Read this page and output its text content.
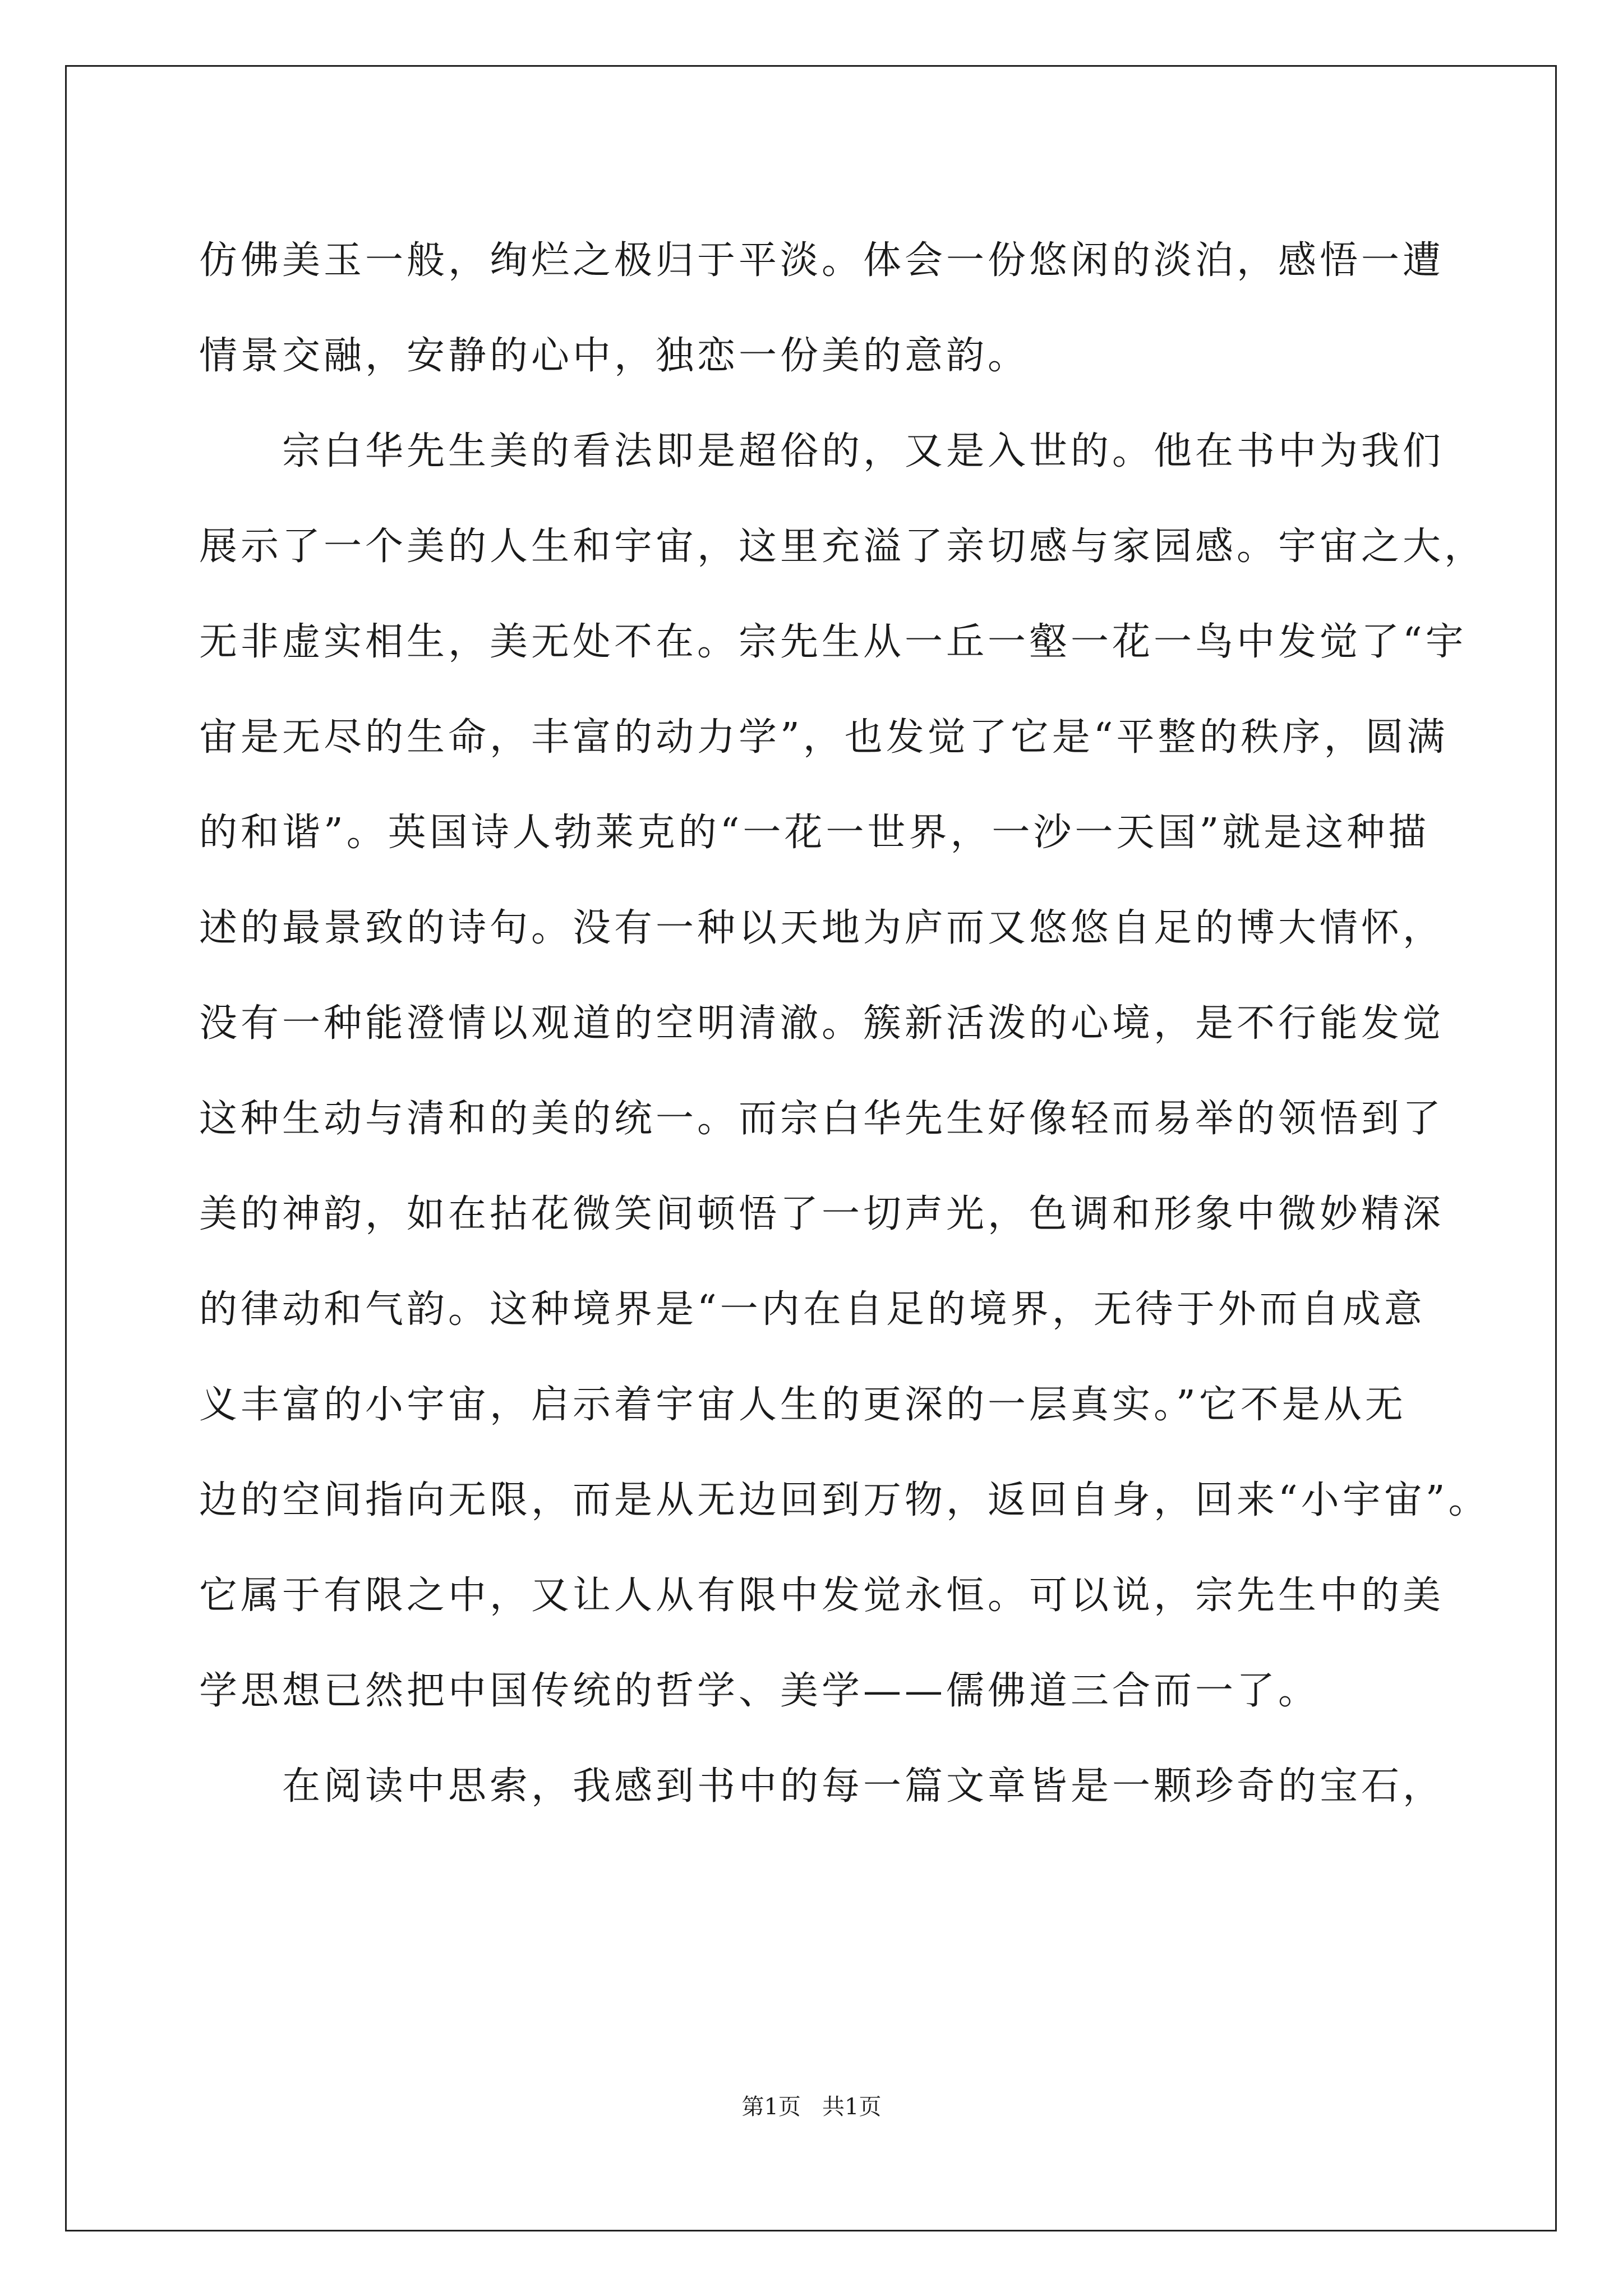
仿佛美玉一般，绚烂之极归于平淡。体会一份悠闲的淡泊，感悟一遭
情景交融，安静的心中，独恋一份美的意韵。
　　宗白华先生美的看法即是超俗的，又是入世的。他在书中为我们
展示了一个美的人生和宇宙，这里充溢了亲切感与家园感。宇宙之大，
无非虚实相生，美无处不在。宗先生从一丘一壑一花一鸟中发觉了“宇
宙是无尽的生命，丰富的动力学”，也发觉了它是“平整的秩序，圆满
的和谐”。英国诗人勃莱克的“一花一世界，一沙一天国”就是这种描
述的最景致的诗句。没有一种以天地为庐而又悠悠自足的博大情怀，
没有一种能澄情以观道的空明清澈。簇新活泼的心境，是不行能发觉
这种生动与清和的美的统一。而宗白华先生好像轻而易举的领悟到了
美的神韵，如在拈花微笑间顿悟了一切声光，色调和形象中微妙精深
的律动和气韵。这种境界是“一内在自足的境界，无待于外而自成意
义丰富的小宇宙，启示着宇宙人生的更深的一层真实。”它不是从无
边的空间指向无限，而是从无边回到万物，返回自身，回来“小宇宙”。
它属于有限之中，又让人从有限中发觉永恒。可以说，宗先生中的美
学思想已然把中国传统的哲学、美学——儒佛道三合而一了。
　　在阅读中思索，我感到书中的每一篇文章皆是一颗珍奇的宝石，
第1页   共1页
